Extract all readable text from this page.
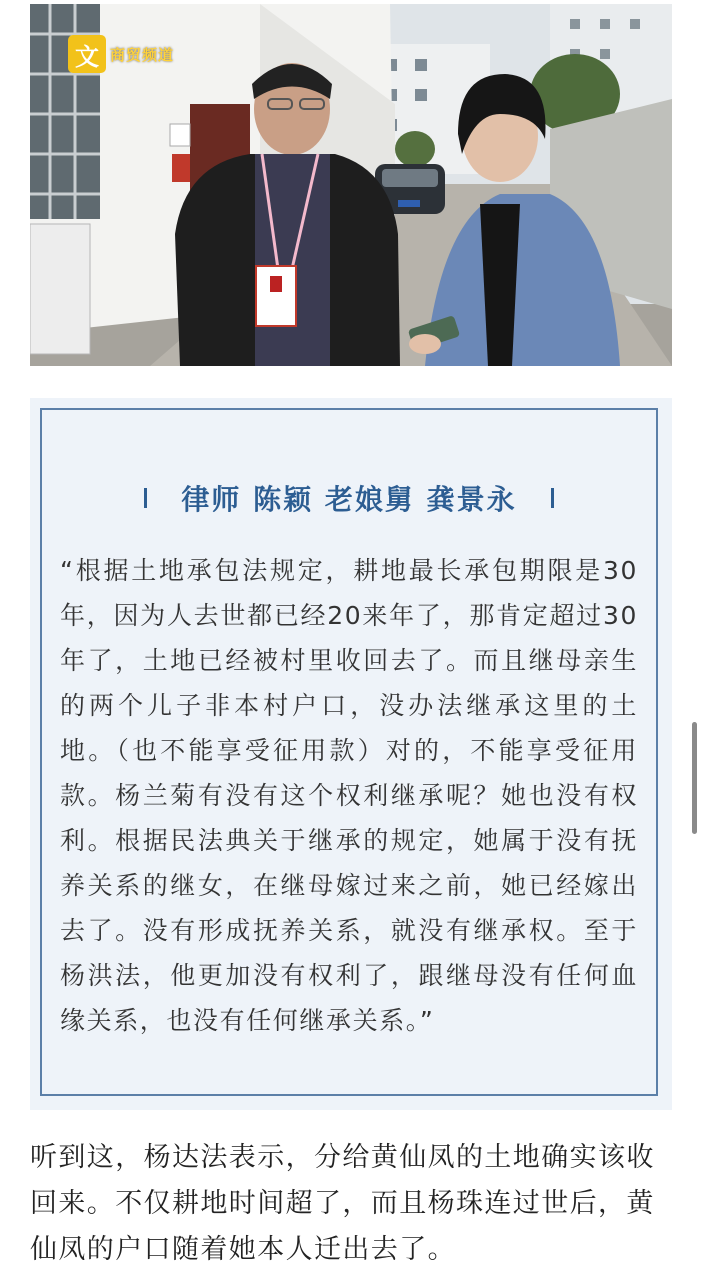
文 商贸频道
律师 陈颖 老娘舅 龚景永
“根据土地承包法规定，耕地最长承包期限是30年，因为人去世都已经20来年了，那肯定超过30年了，土地已经被村里收回去了。而且继母亲生的两个儿子非本村户口，没办法继承这里的土地。（也不能享受征用款）对的，不能享受征用款。杨兰菊有没有这个权利继承呢？她也没有权利。根据民法典关于继承的规定，她属于没有抚养关系的继女，在继母嫁过来之前，她已经嫁出去了。没有形成抚养关系，就没有继承权。至于杨洪法，他更加没有权利了，跟继母没有任何血缘关系，也没有任何继承关系。”
听到这，杨达法表示，分给黄仙凤的土地确实该收回来。不仅耕地时间超了，而且杨珠连过世后，黄仙凤的户口随着她本人迁出去了。
